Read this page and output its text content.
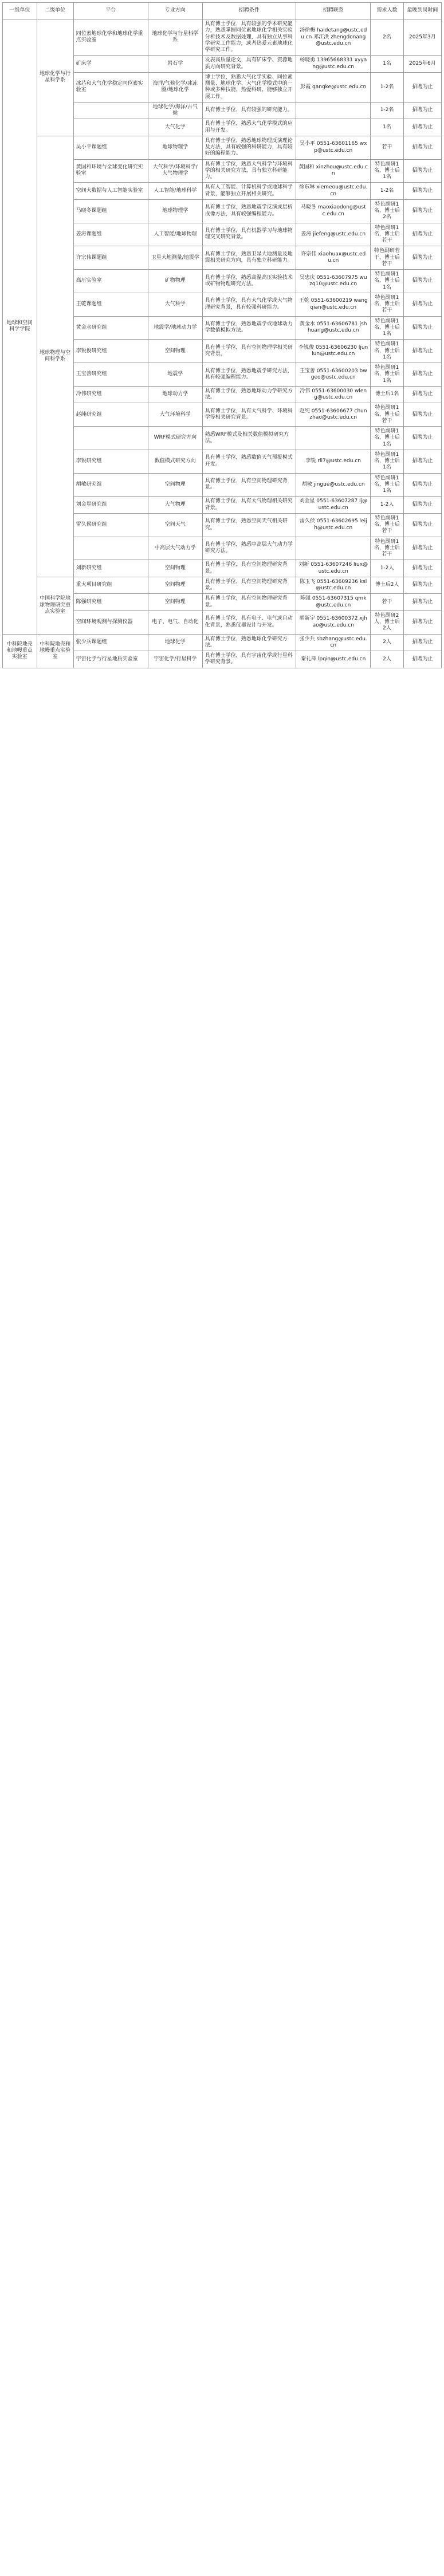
一级单位	二级单位	平台	专业方向	招聘条件	招聘联系	需求人数	最晚到岗时间
地球和空间科学学院	地球化学与行星科学系	同位素地球化学和地球化学重点实验室	地球化学与行星科学系	具有博士学位，具有较强的学术研究能力，熟悉掌握同位素地球化学相关实验分析技术及数据处理，具有独立从事科学研究工作能力，或者热爱元素地球化学研究工作。	汤徐梅 haidetang@ustc.edu.cn 邓江洪 zhengdonang@ustc.edu.cn	2名	2025年3月
		矿床学	岩石学	发表高质量论文，具有矿床学、资源地质方向研究背景。	杨晓勇 13965668331 xyyang@ustc.edu.cn	1名	2025年6月
		冰芯和大气化学稳定同位素实验室	海洋/气候化学/冰冻圈/地球化学	博士学位，熟悉大气化学实验、同位素测量、地球化学、大气化学模式中的一种或多种技能，热爱科研，能够独立开展工作。	彭霞 gangke@ustc.edu.cn	1-2名	招聘为止
			地球化学/海洋/古气候	具有博士学位，具有较强的研究能力。		1-2名	招聘为止
			大气化学	具有博士学位，熟悉大气化学模式的应用与开发。		1名	招聘为止
	地球物理与空间科学系	吴小平课题组	地球物理学	具有博士学位，熟悉地球物理反演理论及方法，具有较强的科研能力，具有较好的编程能力。	吴小平 0551-63601165 wxp@ustc.edu.cn	若干	招聘为止
		黄国和环境与全球变化研究实验室	大气科学/环境科学/大气物理学	具有博士学位，熟悉大气科学与环境科学的相关研究方法，具有独立科研能力。	黄国和 xinzhou@ustc.edu.cn	特色副研1名，博士后1名	招聘为止
		空间大数据与人工智能实验室	人工智能/地球科学	具有人工智能、计算机科学或地球科学背景，能够独立开展相关研究。	徐东琳 xiemeou@ustc.edu.cn	1-2名	招聘为止
		马晓冬课题组	地球物理学	具有博士学位，熟悉地震学反演或层析成像方法，具有较强编程能力。	马晓冬 maoxiaodong@ustc.edu.cn	特色副研1名，博士后2名	招聘为止
		姜涛课题组	人工智能/地球物理	具有博士学位，具有机器学习与地球物理交叉研究背景。	姜涛 jiefeng@ustc.edu.cn	特色副研1名，博士后若干	招聘为止
		许宗伟课题组	卫星大地测量/地震学	具有博士学位，熟悉卫星大地测量及地震相关研究方向，具有独立科研能力。	许宗伟 xiaohuax@ustc.edu.cn	特色副研若干，博士后若干	招聘为止
		高压实验室	矿物物理	具有博士学位，熟悉高温高压实验技术或矿物物理研究方法。	吴忠庆 0551-63607975 wuzq10@ustc.edu.cn	特色副研1名，博士后1名	招聘为止
		王乾课题组	大气科学	具有博士学位，具有大气化学或大气物理研究背景，具有较强科研能力。	王乾 0551-63600219 wangqian@ustc.edu.cn	特色副研1名，博士后若干	招聘为止
		黄金水研究组	地震学/地球动力学	具有博士学位，熟悉地震学或地球动力学数值模拟方法。	黄金水 0551-63606781 jshhuang@ustc.edu.cn	特色副研1名，博士后1名	招聘为止
		李锐俊研究组	空间物理	具有博士学位，具有空间物理学相关研究背景。	李锐俊 0551-63606230 ljunlun@ustc.edu.cn	特色副研1名，博士后1名	招聘为止
		王宝善研究组	地震学	具有博士学位，熟悉地震学研究方法，具有较强编程能力。	王宝善 0551-63600203 bwgeo@ustc.edu.cn	特色副研1名，博士后1名	招聘为止
		冷伟研究组	地球动力学	具有博士学位，熟悉地球动力学研究方法。	冷伟 0551-63600030 wleng@ustc.edu.cn	博士后1名	招聘为止
		赵纯研究组	大气环境科学	具有博士学位，具有大气科学、环境科学等相关研究背景。	赵纯 0551-63606677 chunzhao@ustc.edu.cn	特色副研1名，博士后若干	招聘为止
			WRF模式研究方向	熟悉WRF模式及相关数值模拟研究方法。		特色副研1名，博士后1名	招聘为止
		李锐研究组	数值模式研究方向	具有博士学位，熟悉数值天气预报模式开发。	李锐 rli7@ustc.edu.cn	特色副研1名，博士后1名	招聘为止
		胡敏研究组	空间物理	具有博士学位，具有空间物理研究背景。	胡敏 jingue@ustc.edu.cn	特色副研1名，博士后1名	招聘为止
		刘金星研究组	大气物理	具有博士学位，具有大气物理相关研究背景。	刘金星 0551-63607287 lj@ustc.edu.cn	1-2人	招聘为止
		雷久侯研究组	空间天气	具有博士学位，熟悉空间天气相关研究。	雷久侯 0551-63602695 leijh@ustc.edu.cn	特色副研1名，博士后若干	招聘为止
			中高层大气动力学	具有博士学位，熟悉中高层大气动力学研究方法。		特色副研1名，博士后若干	招聘为止
		刘新研究组	空间物理	具有博士学位，具有空间物理研究背景。	刘新 0551-63607246 liux@ustc.edu.cn	1-2人	招聘为止
	中国科学院地球物理研究重点实验室	重大项目研究组	空间物理	具有博士学位，具有空间物理研究背景。	陈玉飞 0551-63609236 ksl@ustc.edu.cn	博士后2人	招聘为止
		陈强研究组	空间物理	具有博士学位，具有空间物理研究背景。	陈强 0551-63607315 qmk@ustc.edu.cn	若干	招聘为止
		空间环境观测与探测仪器	电子、电气、自动化	具有博士学位，具有电子、电气或自动化背景，熟悉仪器设计与开发。	胡新宇 0551-63600372 xjhao@ustc.edu.cn	特色副研2人，博士后2人	招聘为止
中科院地壳和地幔重点实验室	中科院地壳和地幔重点实验室	张少兵课题组	地球化学	具有博士学位，熟悉地球化学研究方法。	张少兵 sbzhang@ustc.edu.cn	2人	招聘为止
		宇宙化学与行星地质实验室	宇宙化学/行星科学	具有博士学位，具有宇宙化学或行星科学研究背景。	秦礼萍 lpqin@ustc.edu.cn	2人	招聘为止
